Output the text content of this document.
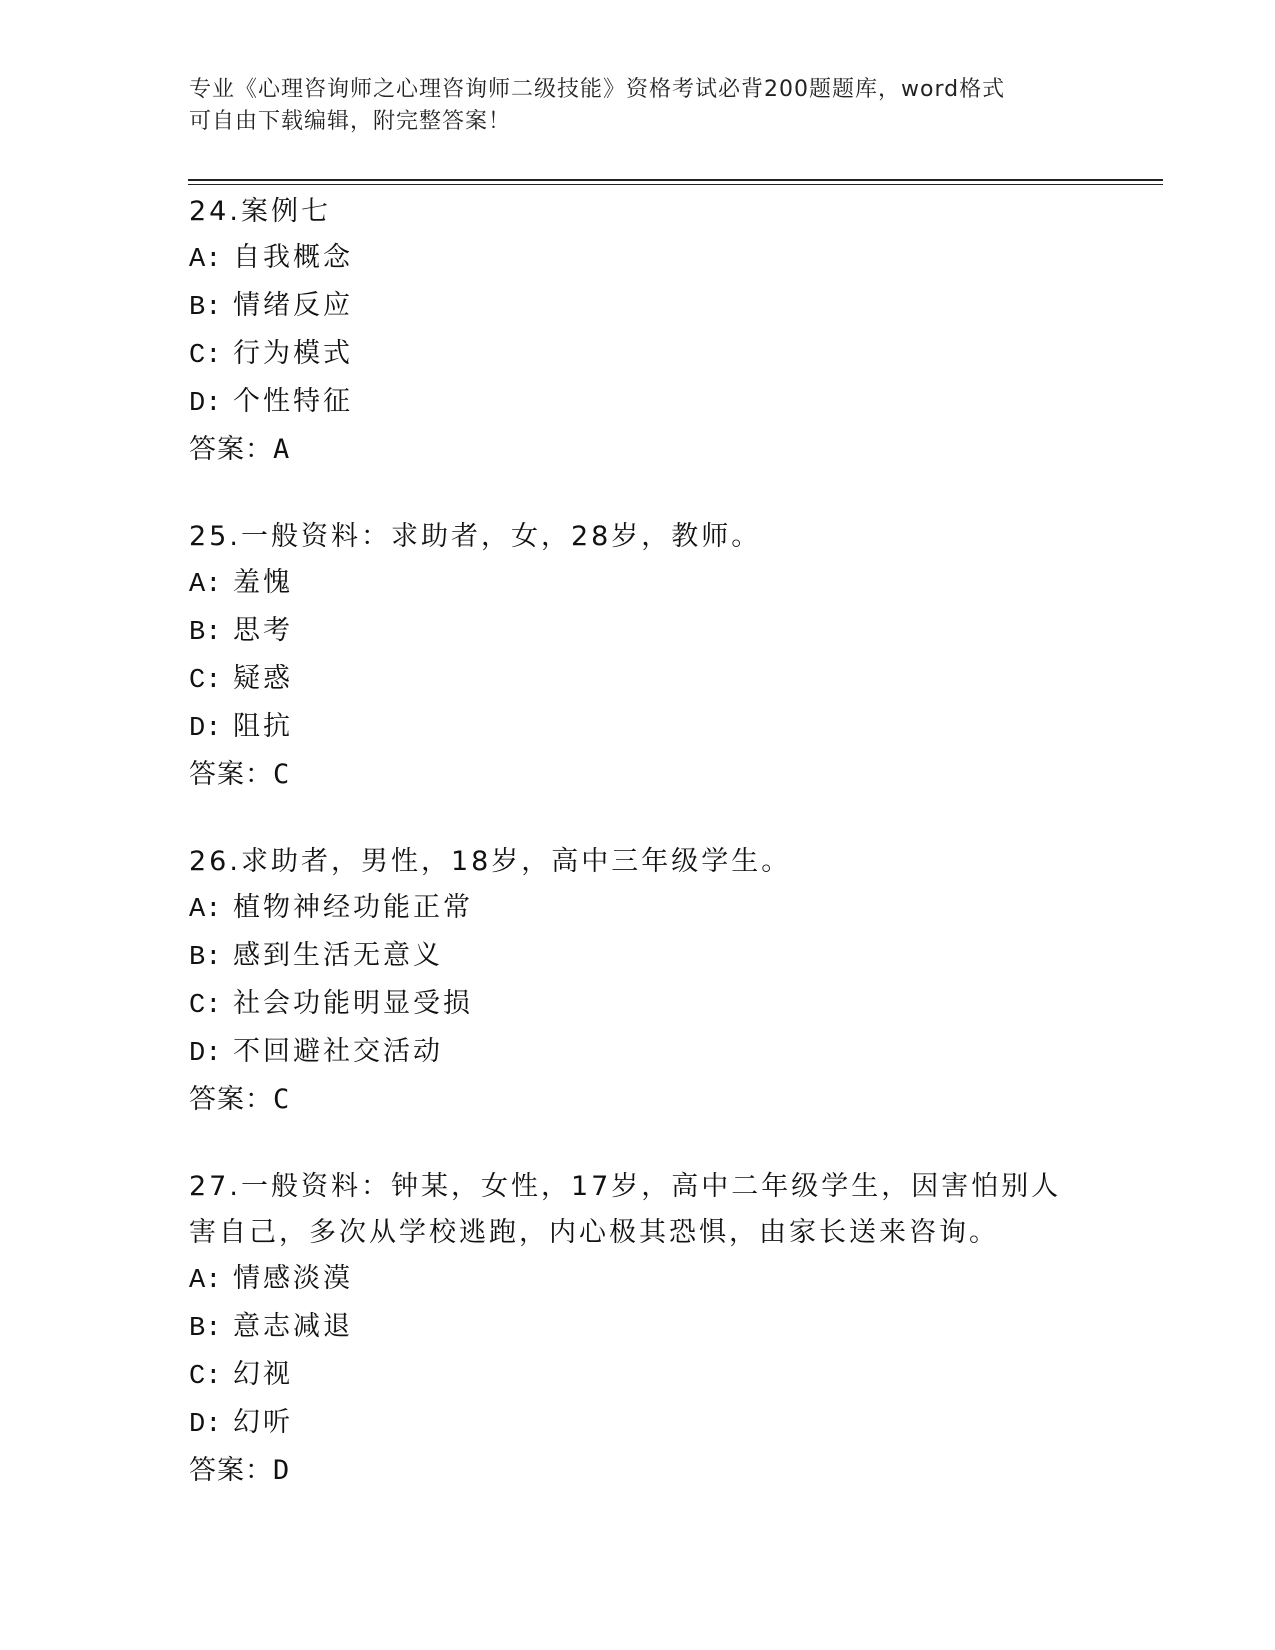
专业《心理咨询师之心理咨询师二级技能》资格考试必背200题题库，word格式
可自由下载编辑，附完整答案！
24.案例七
A: 自我概念
B: 情绪反应
C: 行为模式
D: 个性特征
答案：A
25.一般资料：求助者，女，28岁，教师。
A: 羞愧
B: 思考
C: 疑惑
D: 阻抗
答案：C
26.求助者，男性，18岁，高中三年级学生。
A: 植物神经功能正常
B: 感到生活无意义
C: 社会功能明显受损
D: 不回避社交活动
答案：C
27.一般资料：钟某，女性，17岁，高中二年级学生，因害怕别人害自己，多次从学校逃跑，内心极其恐惧，由家长送来咨询。
A: 情感淡漠
B: 意志减退
C: 幻视
D: 幻听
答案：D
